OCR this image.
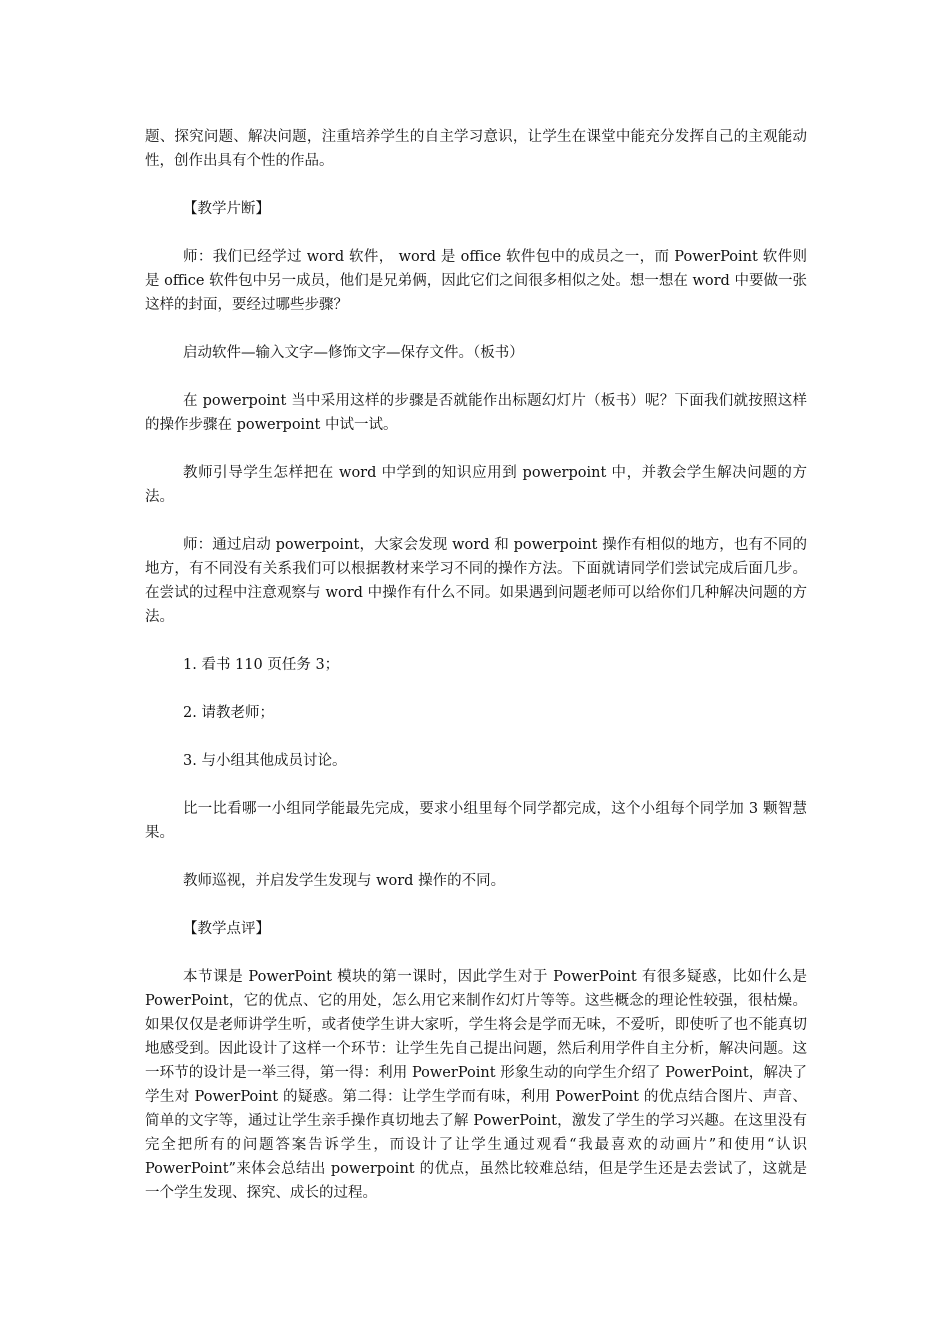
题、探究问题、解决问题，注重培养学生的自主学习意识，让学生在课堂中能充分发挥自己的主观能动性，创作出具有个性的作品。

【教学片断】

师：我们已经学过 word 软件， word 是 office 软件包中的成员之一，而 PowerPoint 软件则是 office 软件包中另一成员，他们是兄弟俩，因此它们之间很多相似之处。想一想在 word 中要做一张这样的封面，要经过哪些步骤？

启动软件—输入文字—修饰文字—保存文件。（板书）

在 powerpoint 当中采用这样的步骤是否就能作出标题幻灯片（板书）呢？下面我们就按照这样的操作步骤在 powerpoint 中试一试。

教师引导学生怎样把在 word 中学到的知识应用到 powerpoint 中，并教会学生解决问题的方法。

师：通过启动 powerpoint，大家会发现 word 和 powerpoint 操作有相似的地方，也有不同的地方，有不同没有关系我们可以根据教材来学习不同的操作方法。下面就请同学们尝试完成后面几步。在尝试的过程中注意观察与 word 中操作有什么不同。如果遇到问题老师可以给你们几种解决问题的方法。

1. 看书 110 页任务 3；

2. 请教老师；

3. 与小组其他成员讨论。

比一比看哪一小组同学能最先完成，要求小组里每个同学都完成，这个小组每个同学加 3 颗智慧果。

教师巡视，并启发学生发现与 word 操作的不同。

【教学点评】

本节课是 PowerPoint 模块的第一课时，因此学生对于 PowerPoint 有很多疑惑，比如什么是 PowerPoint，它的优点、它的用处，怎么用它来制作幻灯片等等。这些概念的理论性较强，很枯燥。如果仅仅是老师讲学生听，或者使学生讲大家听，学生将会是学而无味，不爱听，即使听了也不能真切地感受到。因此设计了这样一个环节：让学生先自己提出问题，然后利用学件自主分析，解决问题。这一环节的设计是一举三得，第一得：利用 PowerPoint 形象生动的向学生介绍了 PowerPoint，解决了学生对 PowerPoint 的疑惑。第二得：让学生学而有味，利用 PowerPoint 的优点结合图片、声音、简单的文字等，通过让学生亲手操作真切地去了解 PowerPoint，激发了学生的学习兴趣。在这里没有完全把所有的问题答案告诉学生，而设计了让学生通过观看“我最喜欢的动画片”和使用“认识 PowerPoint”来体会总结出 powerpoint 的优点，虽然比较难总结，但是学生还是去尝试了，这就是一个学生发现、探究、成长的过程。
